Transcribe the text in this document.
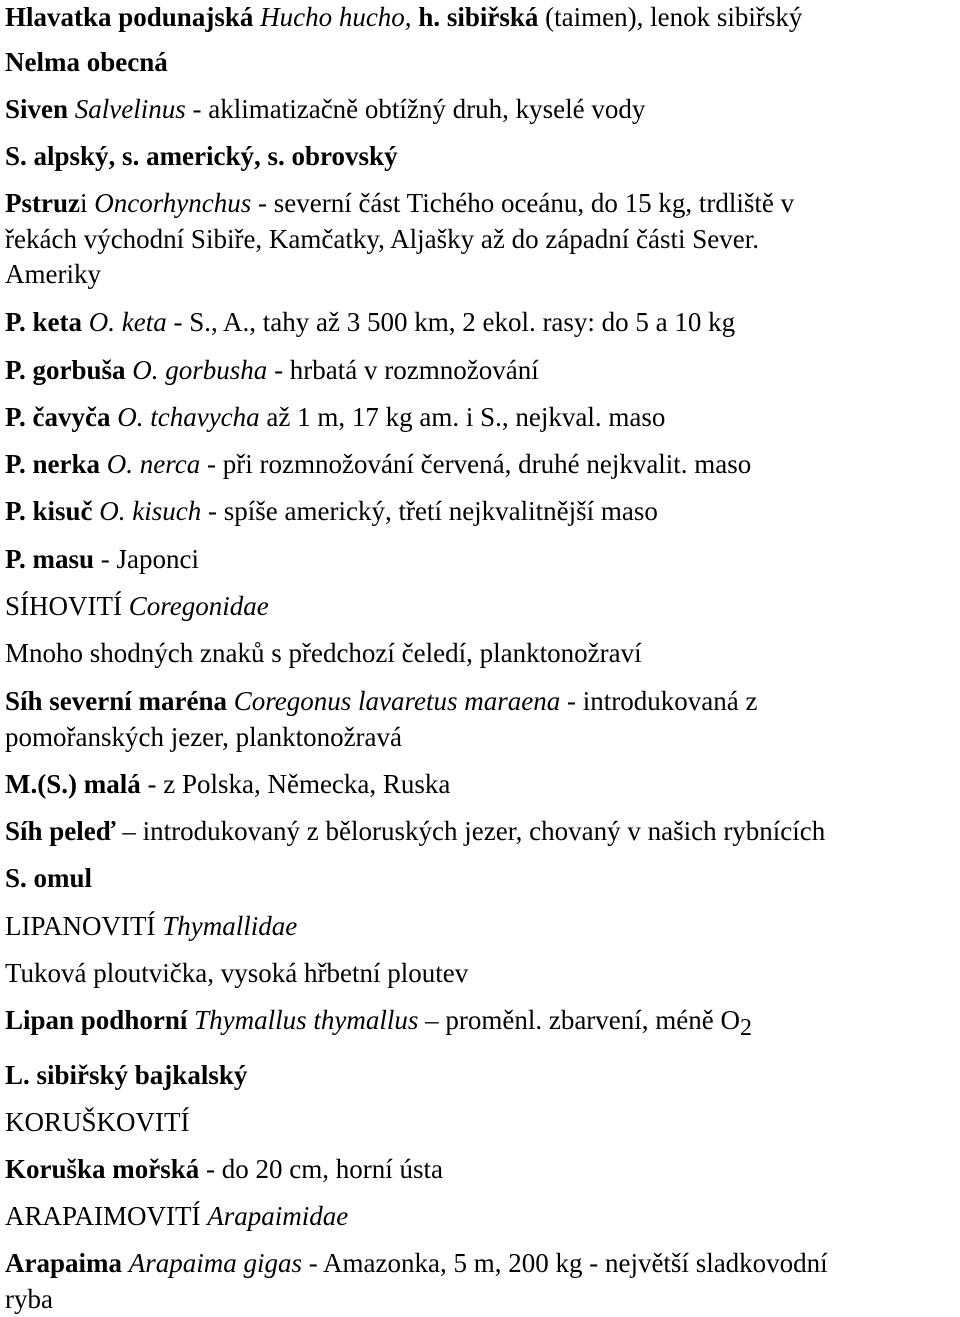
Hlavatka podunajská Hucho hucho, h. sibiřská (taimen), lenok sibiřský
Nelma obecná
Siven Salvelinus - aklimatizačně obtížný druh, kyselé vody
S. alpský, s. americký, s. obrovský
Pstruzi Oncorhynchus - severní část Tichého oceánu, do 15 kg, trdliště v
řekách východní Sibiře, Kamčatky, Aljašky až do západní části Sever.
Ameriky
P. keta O. keta - S., A., tahy až 3 500 km, 2 ekol. rasy: do 5 a 10 kg
P. gorbuša O. gorbusha - hrbatá v rozmnožování
P. čavyča O. tchavycha až 1 m, 17 kg am. i S., nejkval. maso
P. nerka O. nerca - při rozmnožování červená, druhé nejkvalit. maso
P. kisuč O. kisuch - spíše americký, třetí nejkvalitnější maso
P. masu - Japonci
SÍHOVITÍ Coregonidae
Mnoho shodných znaků s předchozí čeledí, planktonožraví
Síh severní maréna Coregonus lavaretus maraena - introdukovaná z
pomořanských jezer, planktonožravá
M.(S.) malá - z Polska, Německa, Ruska
Síh peleď – introdukovaný z běloruských jezer, chovaný v našich rybnících
S. omul
LIPANOVITÍ Thymallidae
Tuková ploutvička, vysoká hřbetní ploutev
Lipan podhorní Thymallus thymallus – proměnl. zbarvení, méně O2
L. sibiřský bajkalský
KORUŠKOVITÍ
Koruška mořská - do 20 cm, horní ústa
ARAPAIMOVITÍ Arapaimidae
Arapaima Arapaima gigas - Amazonka, 5 m, 200 kg - největší sladkovodní
ryba
